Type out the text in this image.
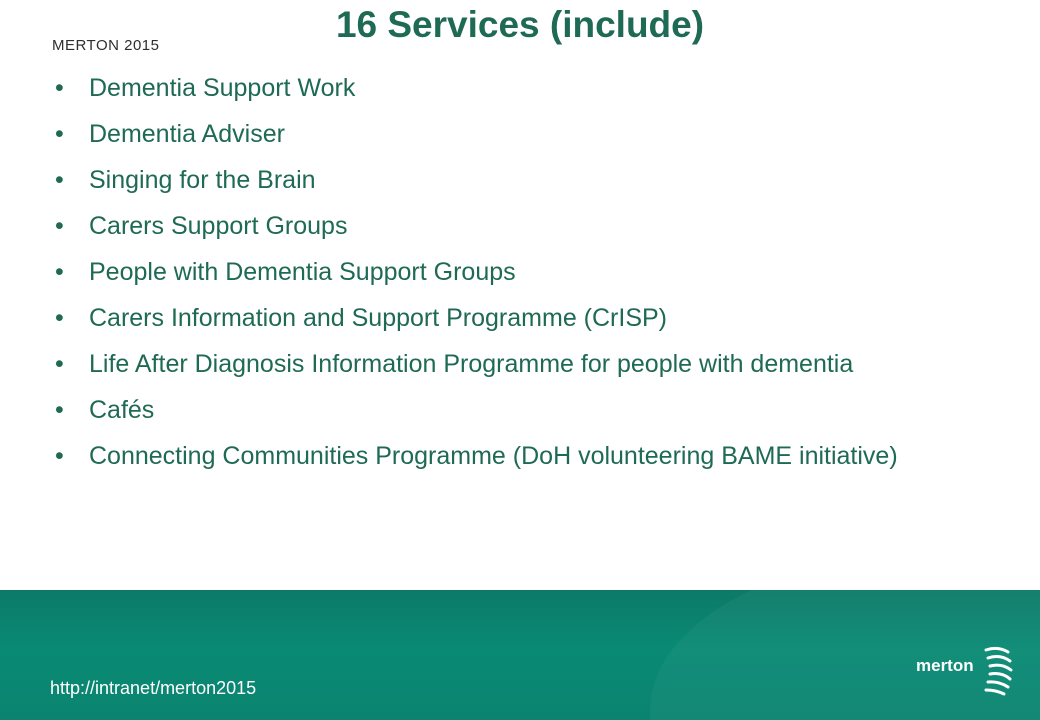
MERTON 2015
16 Services (include)
• Dementia Support Work
• Dementia Adviser
• Singing for the Brain
• Carers Support Groups
• People with Dementia Support Groups
• Carers Information and Support Programme (CrISP)
• Life After Diagnosis Information Programme for people with dementia
• Cafés
• Connecting Communities Programme (DoH volunteering BAME initiative)
http://intranet/merton2015
merton
